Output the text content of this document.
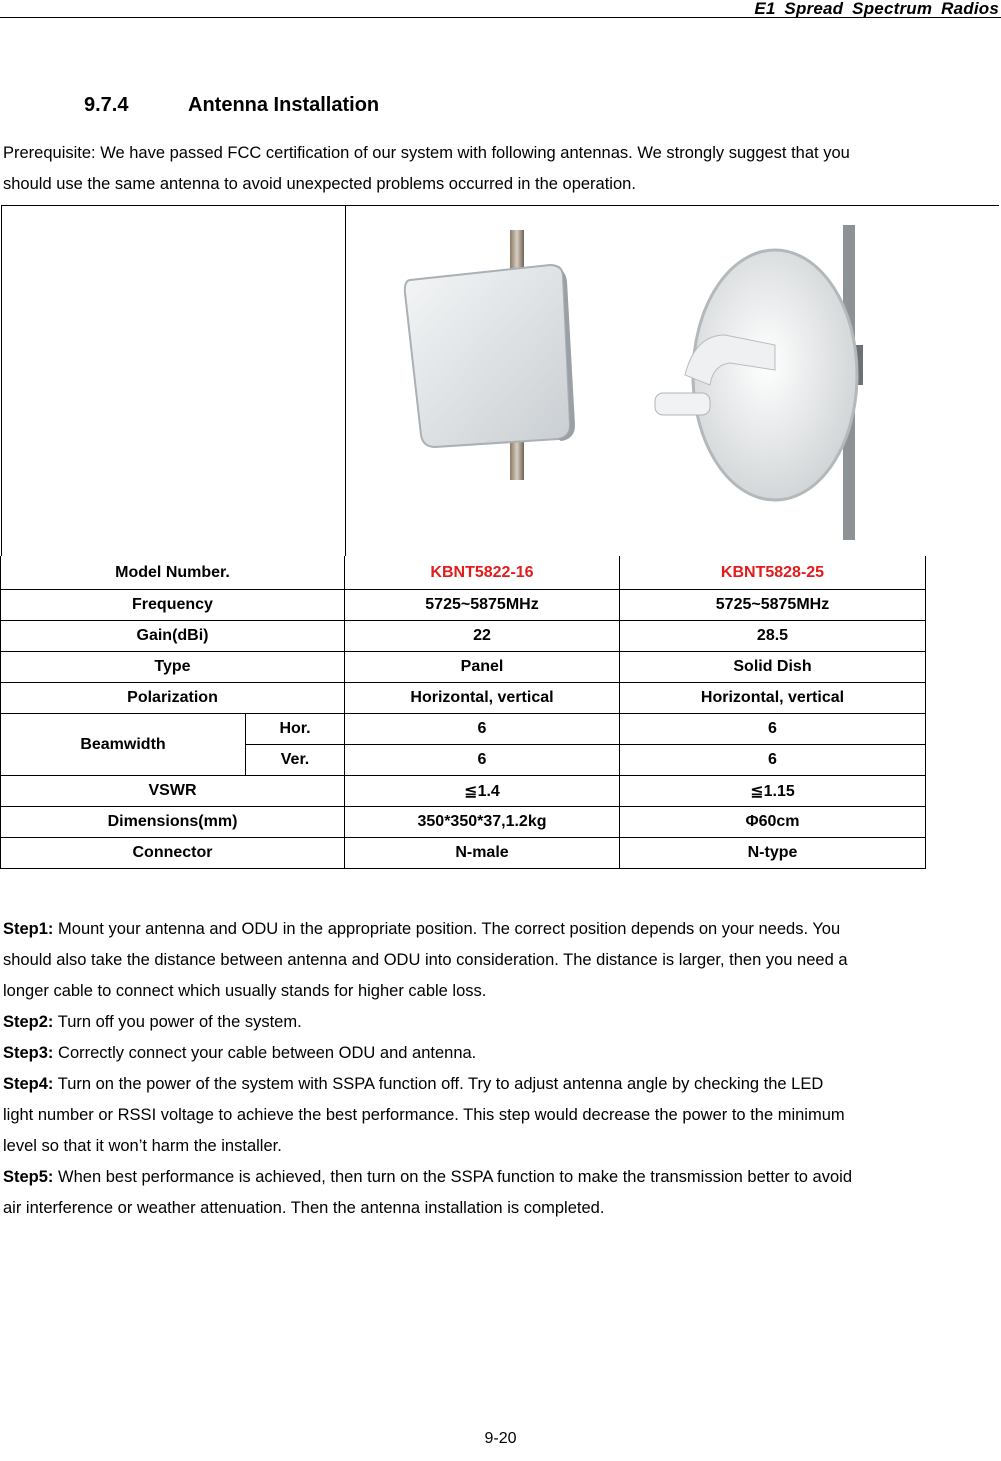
E1 Spread Spectrum Radios
9.7.4	Antenna Installation
Prerequisite: We have passed FCC certification of our system with following antennas. We strongly suggest that you
should use the same antenna to avoid unexpected problems occurred in the operation.
Model Number.		KBNT5822-16	KBNT5828-25
Frequency		5725~5875MHz	5725~5875MHz
Gain(dBi)		22	28.5
Type		Panel	Solid Dish
Polarization		Horizontal, vertical	Horizontal, vertical
Beamwidth	Hor.	6	6
	Ver.	6	6
VSWR		≦1.4	≦1.15
Dimensions(mm)		350*350*37,1.2kg	Φ60cm
Connector		N-male	N-type
Step1: Mount your antenna and ODU in the appropriate position. The correct position depends on your needs. You
should also take the distance between antenna and ODU into consideration. The distance is larger, then you need a
longer cable to connect which usually stands for higher cable loss.
Step2: Turn off you power of the system.
Step3: Correctly connect your cable between ODU and antenna.
Step4: Turn on the power of the system with SSPA function off. Try to adjust antenna angle by checking the LED
light number or RSSI voltage to achieve the best performance. This step would decrease the power to the minimum
level so that it won’t harm the installer.
Step5: When best performance is achieved, then turn on the SSPA function to make the transmission better to avoid
air interference or weather attenuation. Then the antenna installation is completed.
9-20
